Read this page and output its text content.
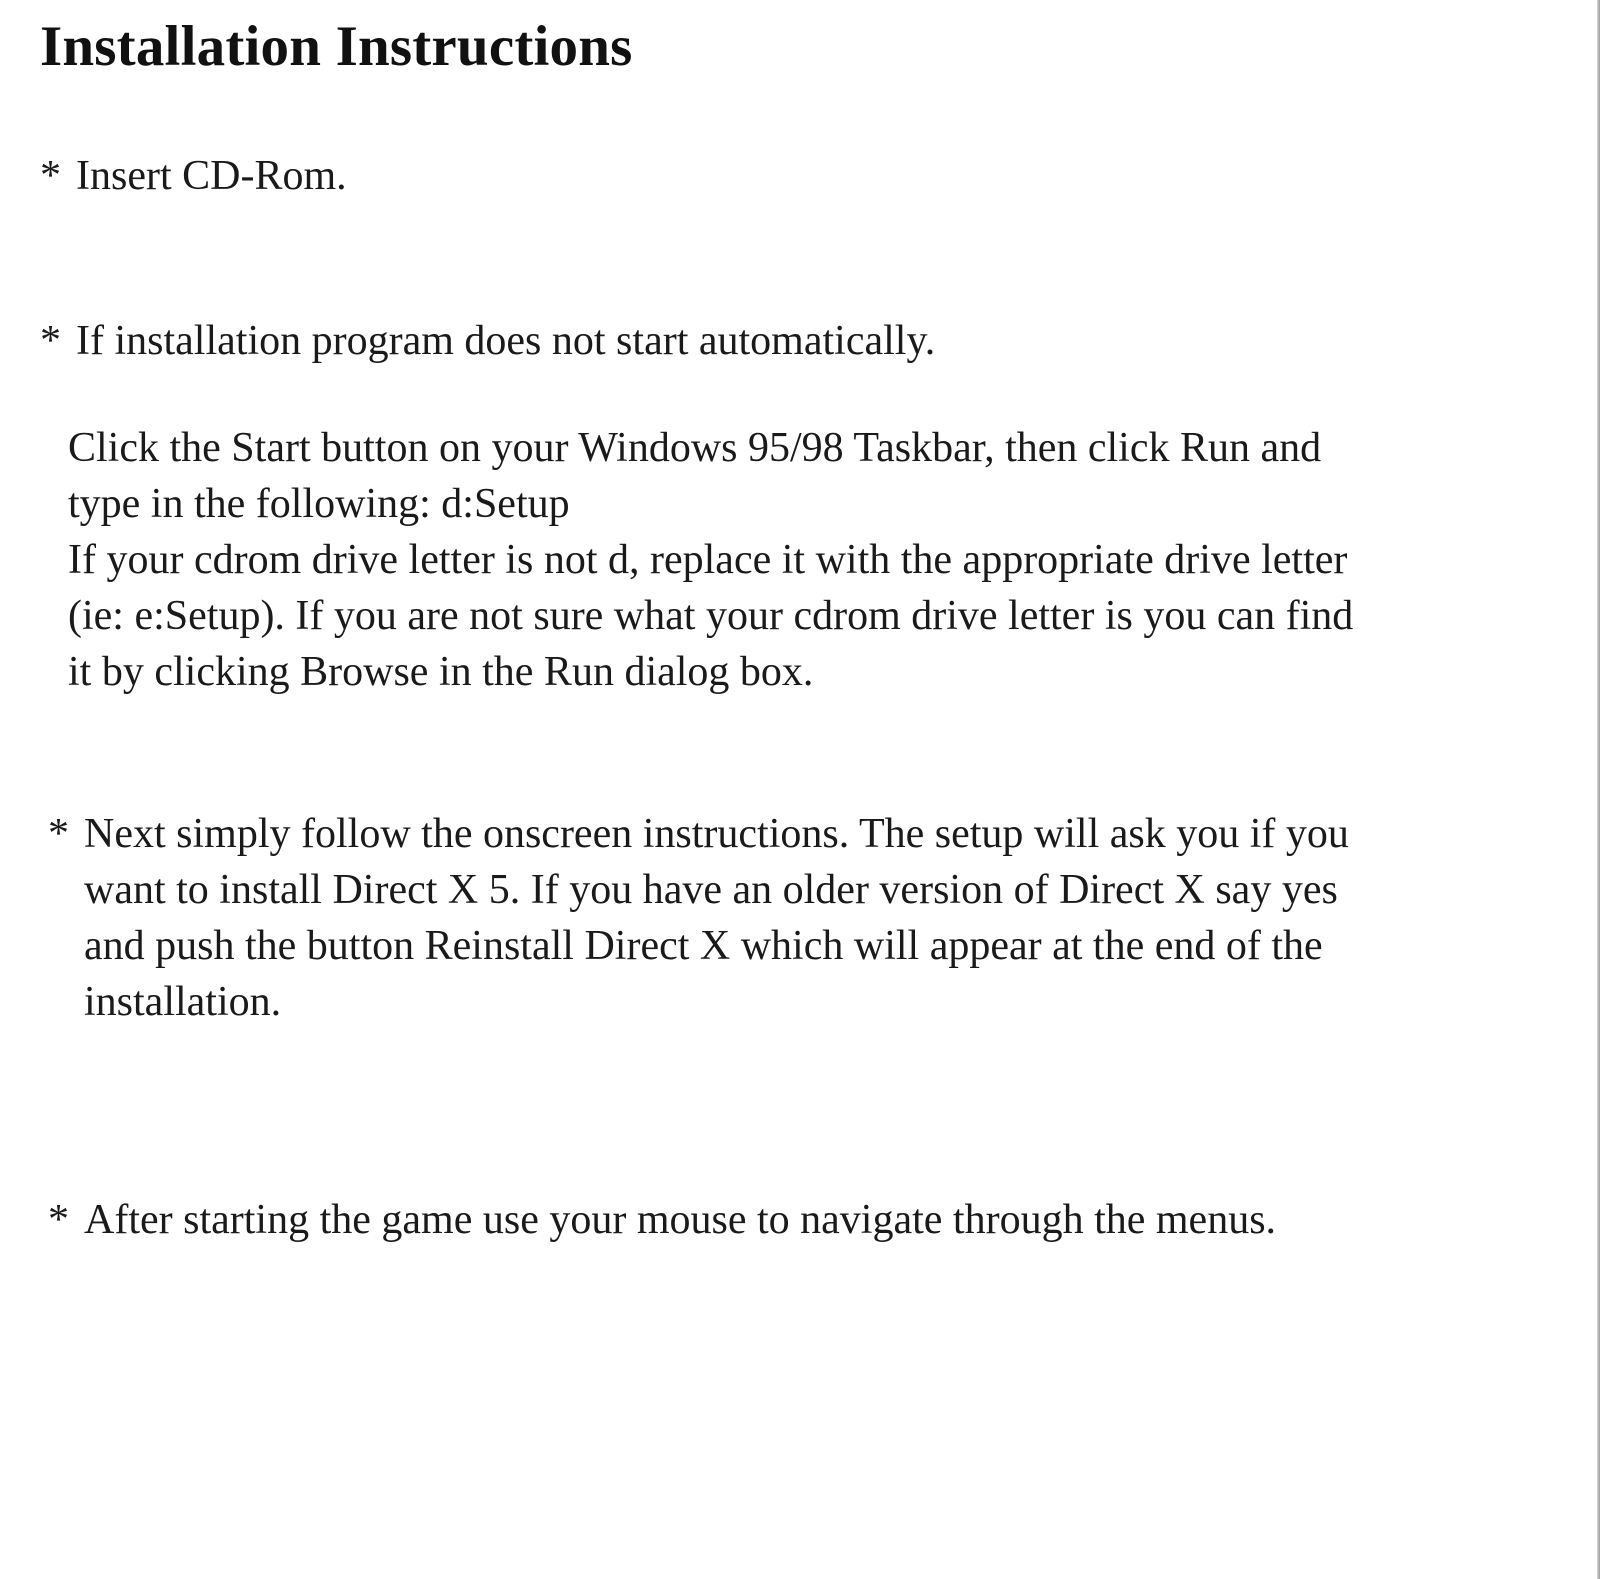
Installation Instructions

* Insert CD-Rom.

* If installation program does not start automatically.

Click the Start button on your Windows 95/98 Taskbar, then click Run and
type in the following: d:Setup
If your cdrom drive letter is not d, replace it with the appropriate drive letter
(ie: e:Setup). If you are not sure what your cdrom drive letter is you can find
it by clicking Browse in the Run dialog box.
* Next simply follow the onscreen instructions. The setup will ask you if you
want to install Direct X 5. If you have an older version of Direct X say yes
and push the button Reinstall Direct X which will appear at the end of the
installation.

* After starting the game use your mouse to navigate through the menus.
